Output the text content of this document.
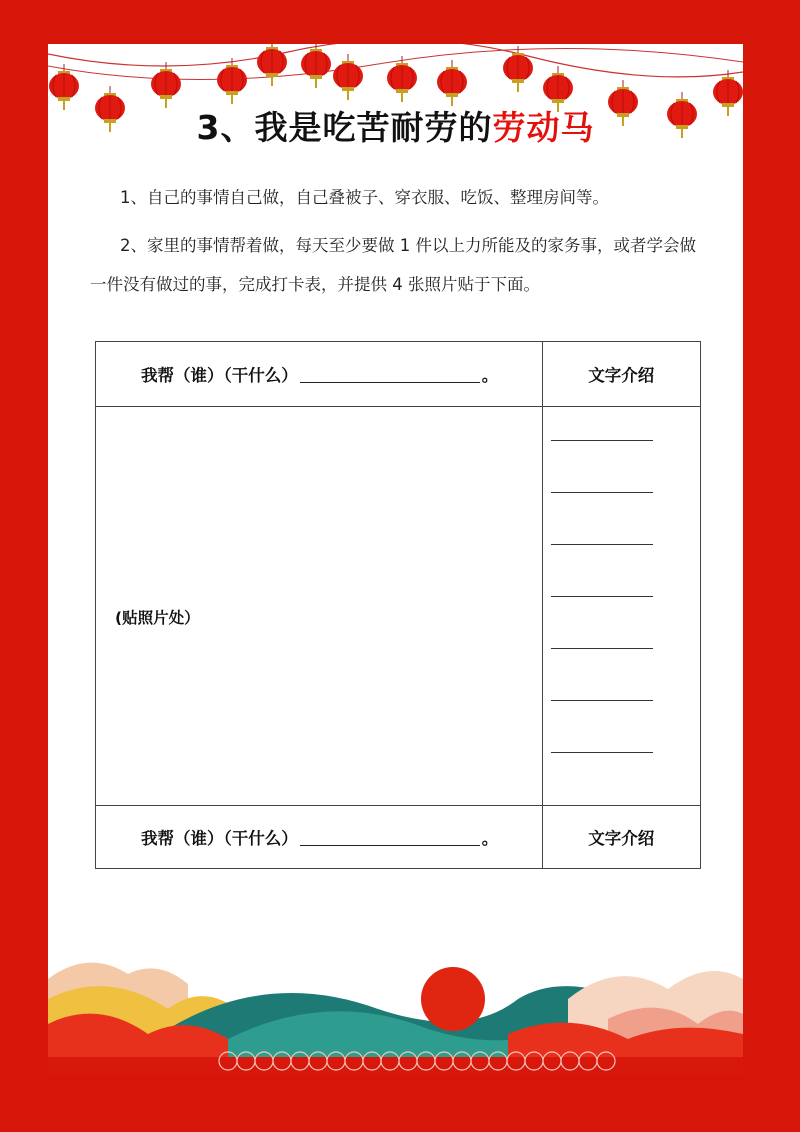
3、我是吃苦耐劳的劳动马
1、自己的事情自己做，自己叠被子、穿衣服、吃饭、整理房间等。
2、家里的事情帮着做，每天至少要做 1 件以上力所能及的家务事，或者学会做一件没有做过的事，完成打卡表，并提供 4 张照片贴于下面。
我帮（谁）（干什么） 。	文字介绍

(贴照片处）	

我帮（谁）（干什么） 。	文字介绍
